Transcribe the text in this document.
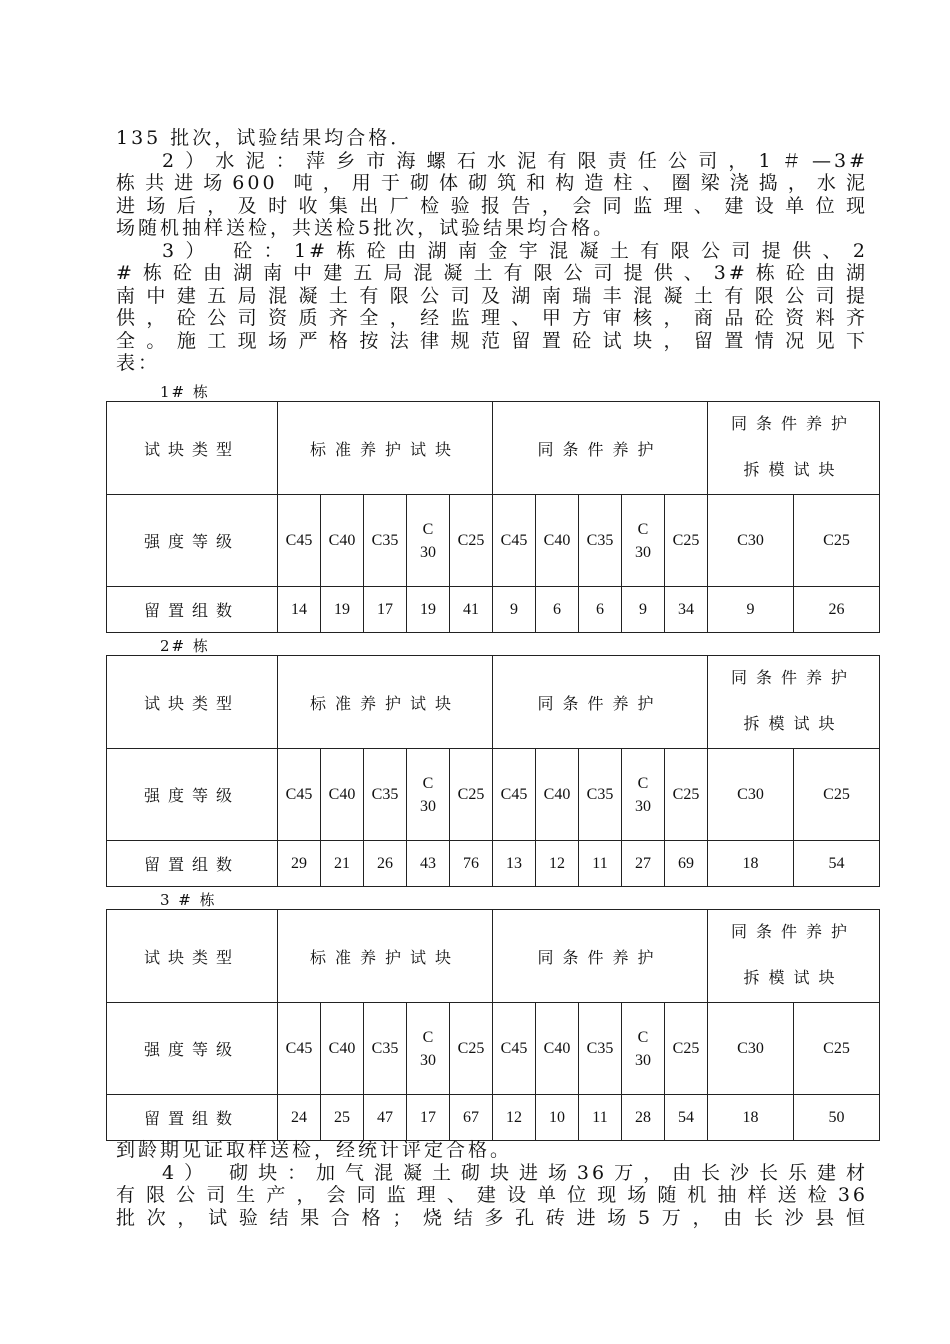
135 批次，试验结果均合格．

2）水泥：萍乡市海螺石水泥有限责任公司，1＃—3#

栋共进场600 吨，用于砌体砌筑和构造柱、圈梁浇捣，水泥

进场后，及时收集出厂检验报告，会同监理、建设单位现

场随机抽样送检，共送检5批次，试验结果均合格。

3） 砼：1#栋砼由湖南金宇混凝土有限公司提供、2

#栋砼由湖南中建五局混凝土有限公司提供、3#栋砼由湖

南中建五局混凝土有限公司及湖南瑞丰混凝土有限公司提

供，砼公司资质齐全，经监理、甲方审核，商品砼资料齐

全。施工现场严格按法律规范留置砼试块，留置情况见下

表：

1# 栋
试块类型	标准养护试块					同条件养护					同条件养护
拆模试块	

强度等级	C45	C40	C35	C30	C25	C45	C40	C35	C30	C25	C30	C25
留置组数	14	19	17	19	41	9	6	6	9	34	9	26
2# 栋
试块类型	标准养护试块					同条件养护					同条件养护
拆模试块	

强度等级	C45	C40	C35	C30	C25	C45	C40	C35	C30	C25	C30	C25
留置组数	29	21	26	43	76	13	12	11	27	69	18	54
3 # 栋
试块类型	标准养护试块					同条件养护					同条件养护
拆模试块	

强度等级	C45	C40	C35	C30	C25	C45	C40	C35	C30	C25	C30	C25
留置组数	24	25	47	17	67	12	10	11	28	54	18	50

到龄期见证取样送检，经统计评定合格。

4） 砌块：加气混凝土砌块进场36万，由长沙长乐建材

有限公司生产，会同监理、建设单位现场随机抽样送检36

批次，试验结果合格；烧结多孔砖进场5万，由长沙县恒
